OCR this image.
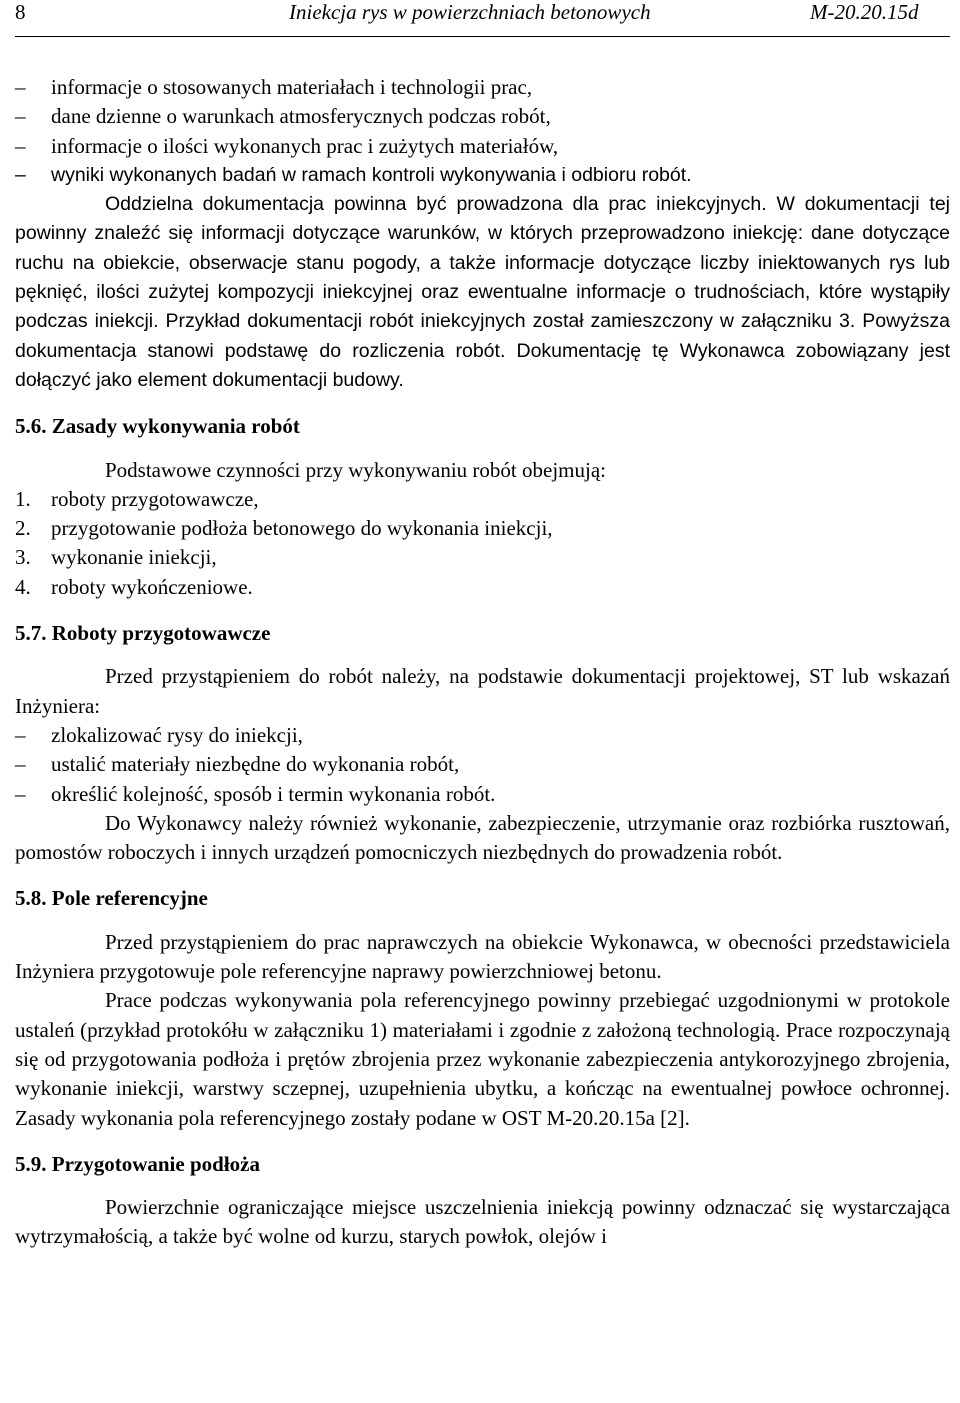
8	Iniekcja rys w powierzchniach betonowych	M-20.20.15d
– informacje o stosowanych materiałach i technologii prac,
– dane dzienne o warunkach atmosferycznych podczas robót,
– informacje o ilości wykonanych prac i zużytych materiałów,
– wyniki wykonanych badań w ramach kontroli wykonywania i odbioru robót.

Oddzielna dokumentacja powinna być prowadzona dla prac iniekcyjnych. W dokumentacji tej powinny znaleźć się informacji dotyczące warunków, w których przeprowadzono iniekcję: dane dotyczące ruchu na obiekcie, obserwacje stanu pogody, a także informacje dotyczące liczby iniektowanych rys lub pęknięć, ilości zużytej kompozycji iniekcyjnej oraz ewentualne informacje o trudnościach, które wystąpiły podczas iniekcji. Przykład dokumentacji robót iniekcyjnych został zamieszczony w załączniku 3. Powyższa dokumentacja stanowi podstawę do rozliczenia robót. Dokumentację tę Wykonawca zobowiązany jest dołączyć jako element dokumentacji budowy.

5.6. Zasady wykonywania robót

Podstawowe czynności przy wykonywaniu robót obejmują:

1. roboty przygotowawcze,
2. przygotowanie podłoża betonowego do wykonania iniekcji,
3. wykonanie iniekcji,
4. roboty wykończeniowe.

5.7. Roboty przygotowawcze

Przed przystąpieniem do robót należy, na podstawie dokumentacji projektowej, ST lub wskazań Inżyniera:

– zlokalizować rysy do iniekcji,
– ustalić materiały niezbędne do wykonania robót,
– określić kolejność, sposób i termin wykonania robót.

Do Wykonawcy należy również wykonanie, zabezpieczenie, utrzymanie oraz rozbiórka rusztowań, pomostów roboczych i innych urządzeń pomocniczych niezbędnych do prowadzenia robót.

5.8. Pole referencyjne

Przed przystąpieniem do prac naprawczych na obiekcie Wykonawca, w obecności przedstawiciela Inżyniera przygotowuje pole referencyjne naprawy powierzchniowej betonu.

Prace podczas wykonywania pola referencyjnego powinny przebiegać uzgodnionymi w protokole ustaleń (przykład protokółu w załączniku 1) materiałami i zgodnie z założoną technologią. Prace rozpoczynają się od przygotowania podłoża i prętów zbrojenia przez wykonanie zabezpieczenia antykorozyjnego zbrojenia, wykonanie iniekcji, warstwy sczepnej, uzupełnienia ubytku, a kończąc na ewentualnej powłoce ochronnej. Zasady wykonania pola referencyjnego zostały podane w OST M-20.20.15a [2].

5.9. Przygotowanie podłoża

Powierzchnie ograniczające miejsce uszczelnienia iniekcją powinny odznaczać się wystarczająca wytrzymałością, a także być wolne od kurzu, starych powłok, olejów i
